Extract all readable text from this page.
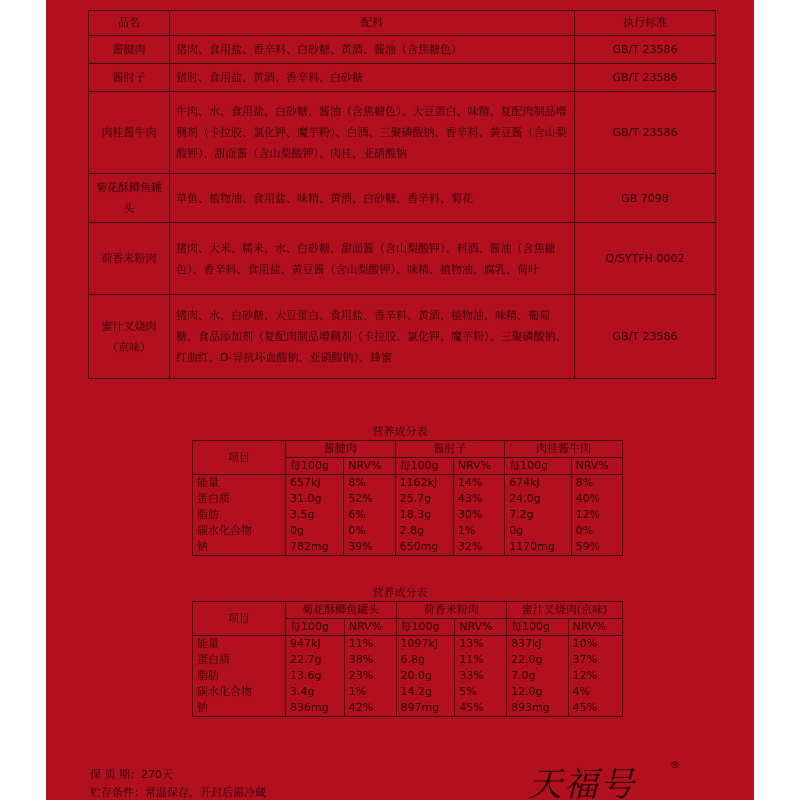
品名	配料	执行标准
酱腱肉	猪肉、食用盐、香辛料、白砂糖、黄酒、酱油（含焦糖色）	GB/T 23586
酱肘子	猪肘、食用盐、黄酒、香辛料、白砂糖	GB/T 23586
肉桂酱牛肉	牛肉、水、食用盐、白砂糖、酱油（含焦糖色）、大豆蛋白、味精、复配肉制品增稠剂（卡拉胶、氯化钾、魔芋粉）、白酒、三聚磷酸钠、香辛料、黄豆酱（含山梨酸钾）、甜面酱（含山梨酸钾）、肉桂、亚硝酸钠	GB/T 23586
菊花酥鲫鱼罐头	草鱼、植物油、食用盐、味精、黄酒、白砂糖、香辛料、菊花	GB 7098
荷香米粉肉	猪肉、大米、糯米、水、白砂糖、甜面酱（含山梨酸钾）、料酒、酱油（含焦糖色）、香辛料、食用盐、黄豆酱（含山梨酸钾）、味精、植物油、腐乳、荷叶	Q/SYTFH 0002
蜜汁叉烧肉（京味）	猪肉、水、白砂糖、大豆蛋白、食用盐、香辛料、黄酒、植物油、味精、葡萄糖、食品添加剂（复配肉制品增稠剂（卡拉胶、氯化钾、魔芋粉）、三聚磷酸钠、红曲红、D-异抗坏血酸钠、亚硝酸钠）、蜂蜜	GB/T 23586
营养成分表
项目	酱腱肉		酱肘子		肉桂酱牛肉	
	每100g	NRV%	每100g	NRV%	每100g	NRV%
能量	657kJ	8%	1162kJ	14%	674kJ	8%
蛋白质	31.0g	52%	25.7g	43%	24.0g	40%
脂肪	3.5g	6%	18.3g	30%	7.2g	12%
碳水化合物	0g	0%	2.8g	1%	0g	0%
钠	782mg	39%	650mg	32%	1170mg	59%
营养成分表
项目	菊花酥鲫鱼罐头		荷香米粉肉		蜜汁叉烧肉(京味)	
	每100g	NRV%	每100g	NRV%	每100g	NRV%
能量	947kJ	11%	1097kJ	13%	837kJ	10%
蛋白质	22.7g	38%	6.8g	11%	22.0g	37%
脂肪	13.6g	23%	20.0g	33%	7.0g	12%
碳水化合物	3.4g	1%	14.2g	5%	12.0g	4%
钠	836mg	42%	897mg	45%	893mg	45%
保 质 期：270天
贮存条件：常温保存，开封后需冷藏	天福号	®
